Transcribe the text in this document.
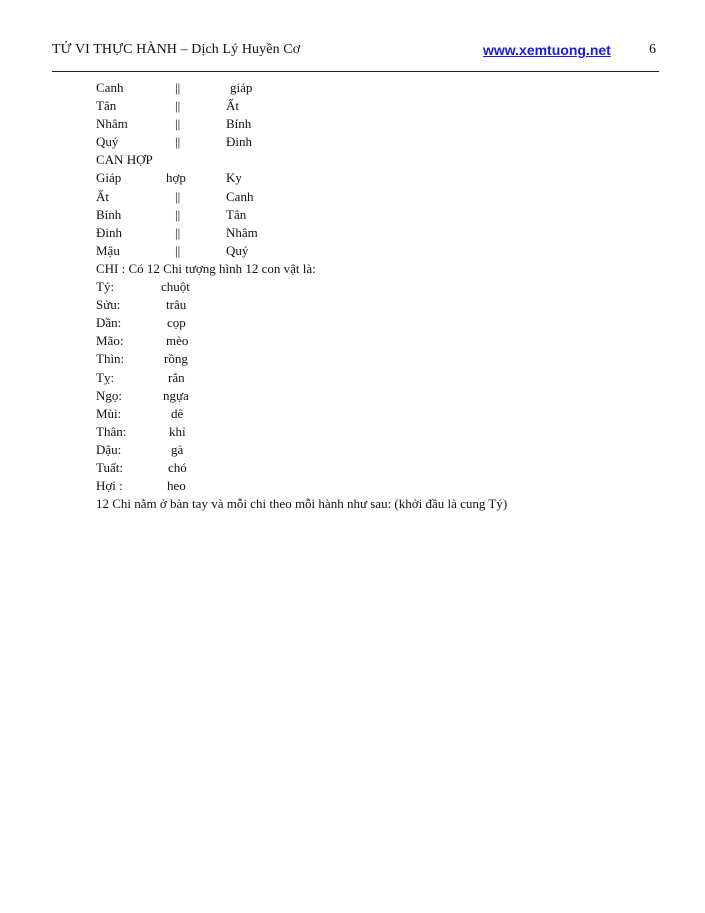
TỬ VI THỰC HÀNH – Dịch Lý Huyền Cơ	www.xemtuong.net	6
Canh	||	giáp
Tân	||	Ất
Nhâm	||	Bính
Quý	||	Đinh
CAN HỢP
Giáp	hợp	Ky
Ất	||	Canh
Bính	||	Tân
Đinh	||	Nhâm
Mậu	||	Quý
CHI : Có 12 Chi tượng hình 12 con vật là:
Tý:	chuột
Sửu:	trâu
Dần:	cọp
Mão:	mèo
Thìn:	rồng
Tỵ:	rắn
Ngọ:	ngựa
Mùi:	dê
Thân:	khỉ
Dậu:	gà
Tuất:	chó
Hợi :	heo
12 Chi nằm ở bàn tay và mỗi chi theo mỗi hành như sau: (khởi đầu là cung Tý)
